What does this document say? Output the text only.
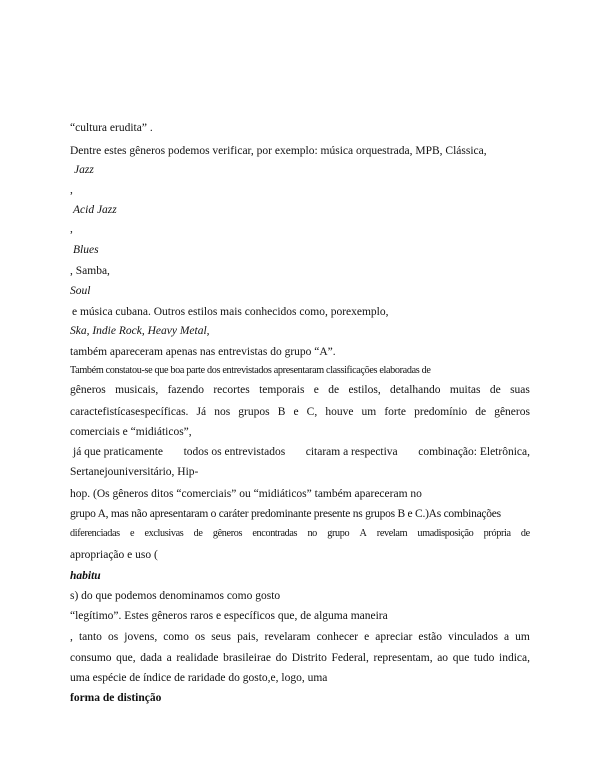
“cultura erudita” .

Dentre estes gêneros podemos verificar, por exemplo: música orquestrada, MPB, Clássica,

Jazz

,

Acid Jazz

,

Blues

, Samba,

Soul

e música cubana. Outros estilos mais conhecidos como, porexemplo,

Ska, Indie Rock, Heavy Metal,

também apareceram apenas nas entrevistas do grupo “A”.

Também constatou-se que boa parte dos entrevistados apresentaram classificações elaboradas de

gêneros musicais, fazendo recortes temporais e de estilos, detalhando muitas de suas

caractefistícasespecíficas. Já nos grupos B e C, houve um forte predomínio de gêneros

comerciais e “midiáticos”,

já que praticamente todos os entrevistados citaram a respectiva combinação: Eletrônica,

Sertanejouniversitário, Hip-

hop. (Os gêneros ditos “comerciais” ou “midiáticos” também apareceram no

grupo A, mas não apresentaram o caráter predominante presente ns grupos B e C.)As combinações

diferenciadas e exclusivas de gêneros encontradas no grupo A revelam umadisposição própria de

apropriação e uso (

habitu

s) do que podemos denominamos como gosto

“legítimo”. Estes gêneros raros e específicos que, de alguma maneira

, tanto os jovens, como os seus pais, revelaram conhecer e apreciar estão vinculados a um

consumo que, dada a realidade brasileirae do Distrito Federal, representam, ao que tudo indica,

uma espécie de índice de raridade do gosto,e, logo, uma

forma de distinção
